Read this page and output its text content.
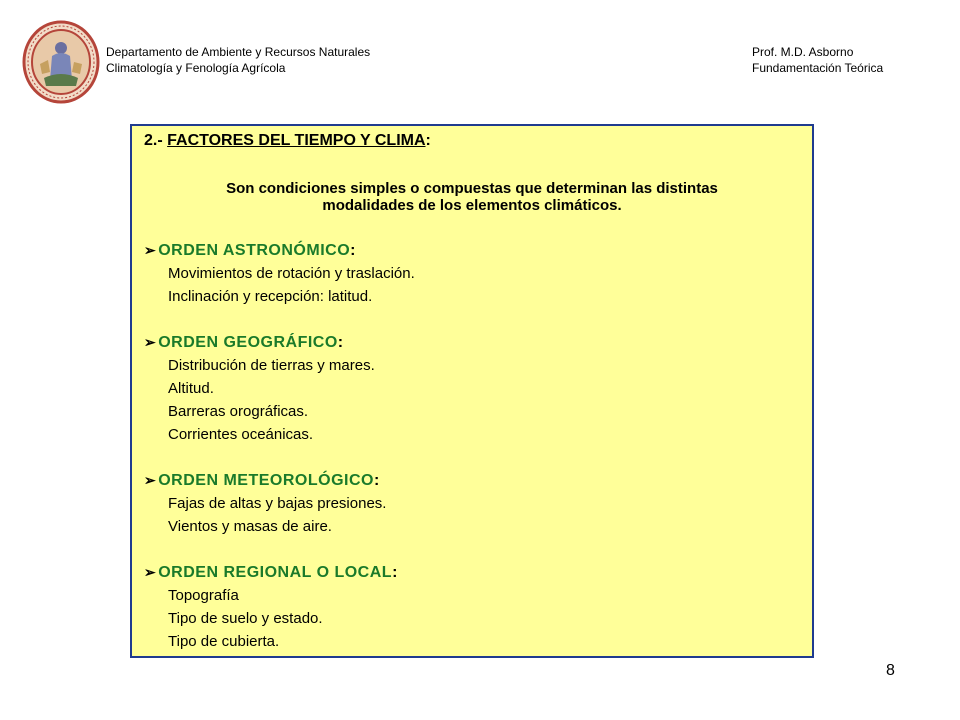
Departamento de Ambiente y Recursos Naturales
Climatología y Fenología Agrícola
Prof. M.D. Asborno
Fundamentación Teórica
2.- FACTORES DEL TIEMPO Y CLIMA:
Son condiciones simples o compuestas que determinan las distintas
modalidades de los elementos climáticos.
➢ ORDEN ASTRONÓMICO:
Movimientos de rotación y traslación.
Inclinación y recepción: latitud.
➢ ORDEN GEOGRÁFICO:
Distribución de tierras y mares.
Altitud.
Barreras orográficas.
Corrientes oceánicas.
➢ ORDEN METEOROLÓGICO:
Fajas de altas y bajas presiones.
Vientos y masas de aire.
➢ ORDEN REGIONAL O LOCAL:
Topografía
Tipo de suelo y estado.
Tipo de cubierta.
8
